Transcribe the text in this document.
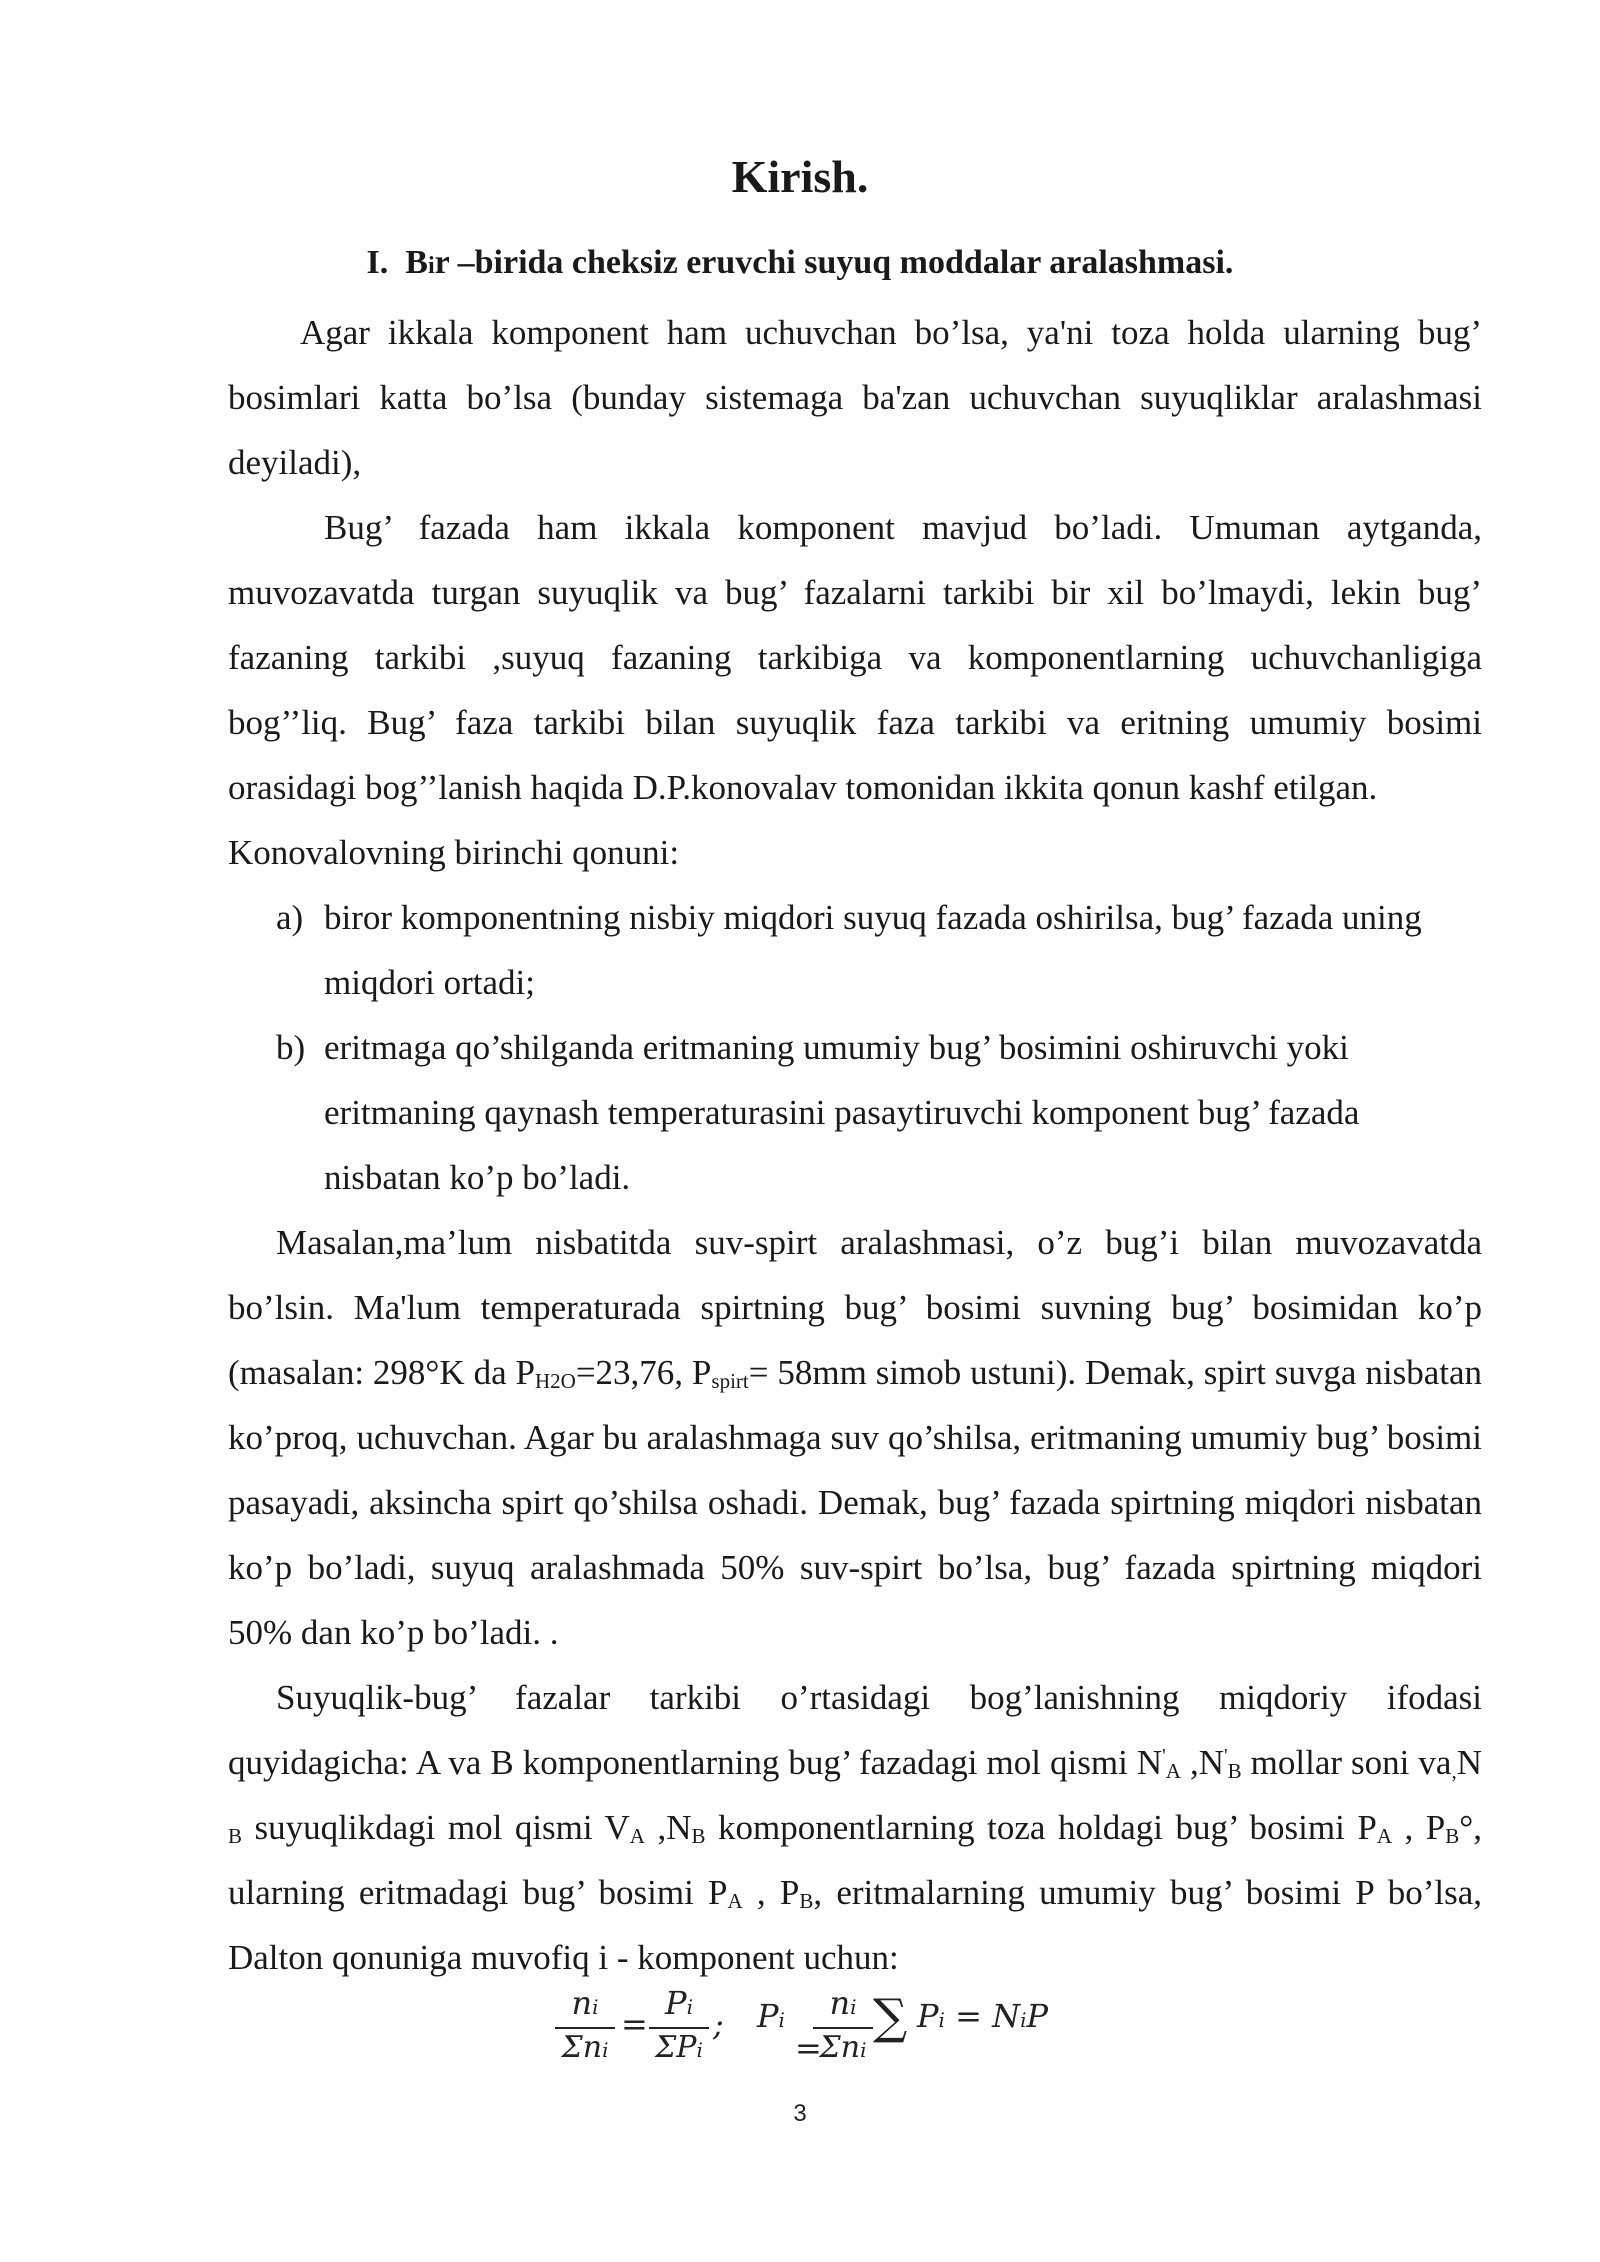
Kirish.
I. Bir –birida cheksiz eruvchi suyuq moddalar aralashmasi.

Agar ikkala komponent ham uchuvchan bo’lsa, ya'ni toza holda ularning bug’ bosimlari katta bo’lsa (bunday sistemaga ba'zan uchuvchan suyuqliklar aralashmasi deyiladi),

Bug’ fazada ham ikkala komponent mavjud bo’ladi. Umuman aytganda, muvozavatda turgan suyuqlik va bug’ fazalarni tarkibi bir xil bo’lmaydi, lekin bug’ fazaning tarkibi ,suyuq fazaning tarkibiga va komponentlarning uchuvchanligiga bog’’liq. Bug’ faza tarkibi bilan suyuqlik faza tarkibi va eritning umumiy bosimi orasidagi bog’’lanish haqida D.P.konovalav tomonidan ikkita qonun kashf etilgan.

Konovalovning birinchi qonuni:

a) biror komponentning nisbiy miqdori suyuq fazada oshirilsa, bug’ fazada uning miqdori ortadi;
b) eritmaga qo’shilganda eritmaning umumiy bug’ bosimini oshiruvchi yoki eritmaning qaynash temperaturasini pasaytiruvchi komponent bug’ fazada nisbatan ko’p bo’ladi.

Masalan,ma’lum nisbatitda suv-spirt aralashmasi, o’z bug’i bilan muvozavatda bo’lsin. Ma'lum temperaturada spirtning bug’ bosimi suvning bug’ bosimidan ko’p (masalan: 298°K da $P_{H2O}=23,76$, $P_{spirt}= 58mm$ simob ustuni). Demak, spirt suvga nisbatan ko’proq, uchuvchan. Agar bu aralashmaga suv qo’shilsa, eritmaning umumiy bug’ bosimi pasayadi, aksincha spirt qo’shilsa oshadi. Demak, bug’ fazada spirtning miqdori nisbatan ko’p bo’ladi, suyuq aralashmada 50% suv-spirt bo’lsa, bug’ fazada spirtning miqdori 50% dan ko’p bo’ladi. .

Suyuqlik-bug’ fazalar tarkibi o’rtasidagi bog’lanishning miqdoriy ifodasi quyidagicha: A va B komponentlarning bug’ fazadagi mol qismi $N'_A$ $,N'_B$ mollar soni $va_,N$ $_B$ suyuqlikdagi mol qismi $V_A$ $,N_B$ komponentlarning toza holdagi bug’ bosimi $P_A$ , $P_B^\circ$, ularning eritmadagi bug’ bosimi $P_A$ , $P_B$, eritmalarning umumiy bug’ bosimi P bo’lsa, Dalton qonuniga muvofiq i - komponent uchun:

ni
Σni
=
Pi
ΣPi
; Pi
=
ni
Σni
∑ Pi = NiP
3
